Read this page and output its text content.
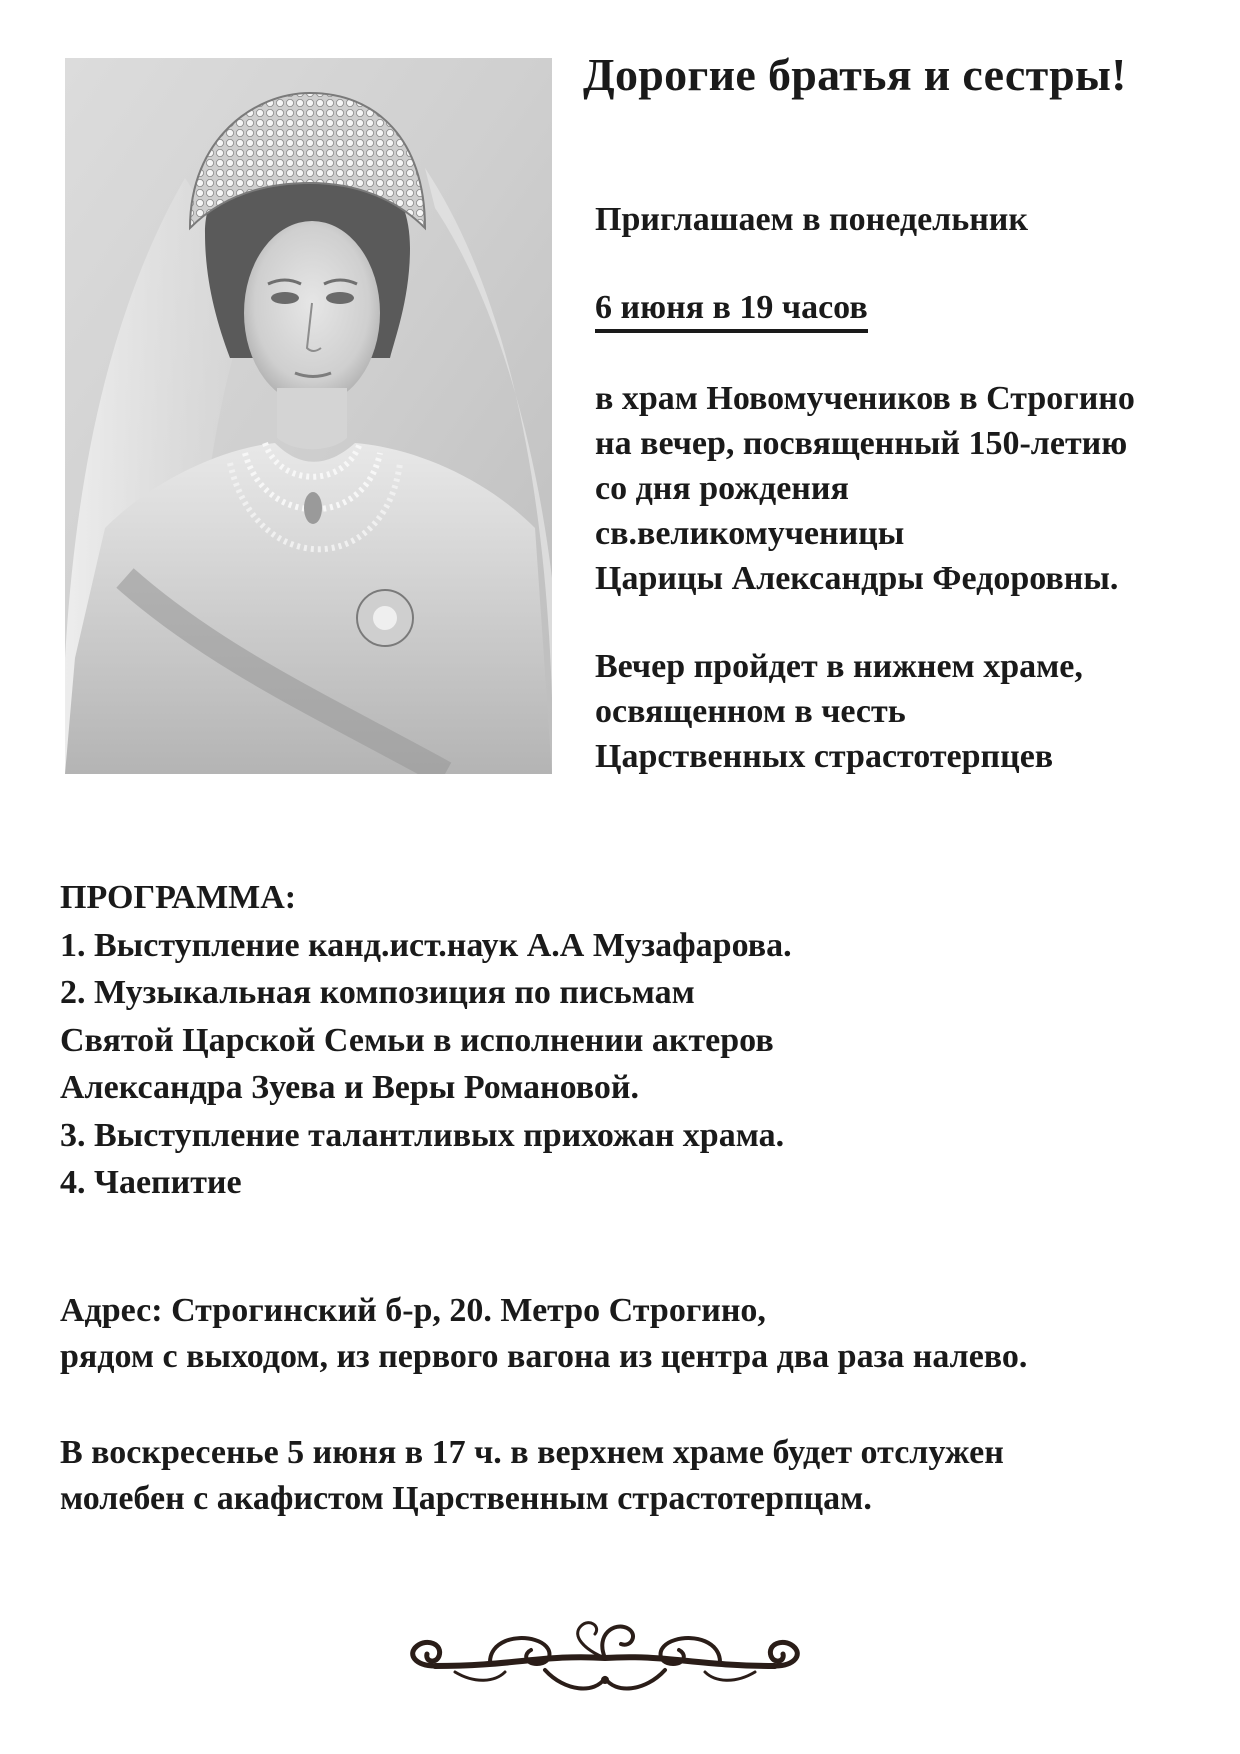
Дорогие братья и сестры!

Приглашаем в понедельник

6 июня в 19 часов

в храм Новомучеников в Строгино
на вечер, посвященный 150-летию
со дня рождения
св.великомученицы
Царицы Александры Федоровны.

Вечер пройдет в нижнем храме,
освященном в честь
Царственных страстотерпцев

ПРОГРАММА:
1. Выступление канд.ист.наук А.А Музафарова.
2. Музыкальная композиция по письмам
Святой Царской Семьи в исполнении актеров
Александра Зуева и Веры Романовой.
3. Выступление талантливых прихожан храма.
4. Чаепитие

Адрес: Строгинский б-р, 20. Метро Строгино,
рядом с выходом, из первого вагона из центра два раза налево.

В воскресенье 5 июня в 17 ч. в верхнем храме будет отслужен
молебен с акафистом Царственным страстотерпцам.
